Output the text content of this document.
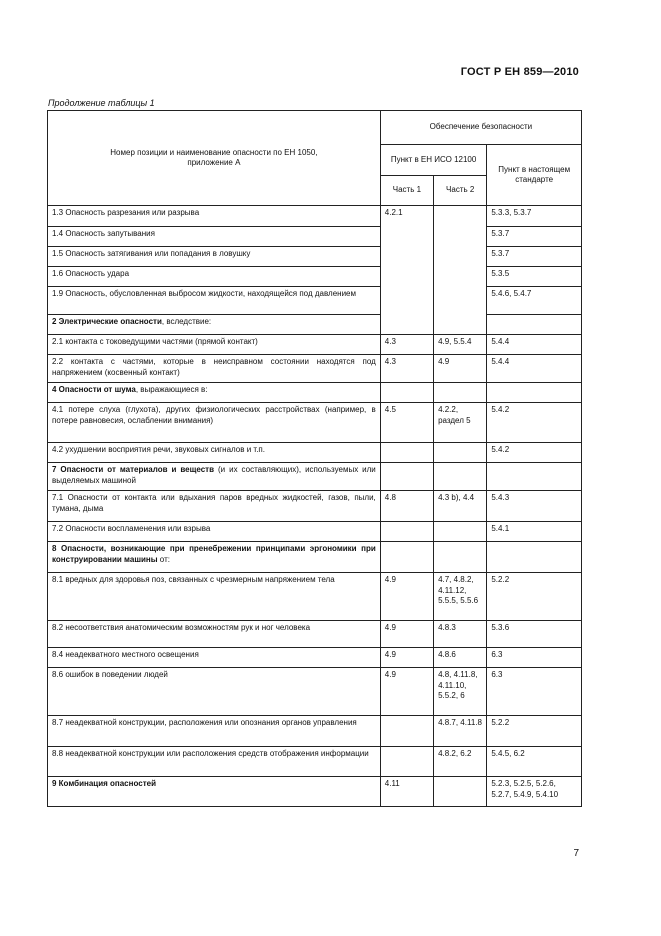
ГОСТ Р ЕН 859—2010
Продолжение таблицы 1
Номер позиции и наименование опасности по ЕН 1050, приложение А	Обеспечение безопасности		
	Пункт в ЕН ИСО 12100		Пункт в настоящем стандарте
	Часть 1	Часть 2	
1.3 Опасность разрезания или разрыва	4.2.1		5.3.3, 5.3.7
1.4 Опасность запутывания			5.3.7
1.5 Опасность затягивания или попадания в ловушку			5.3.7
1.6 Опасность удара			5.3.5
1.9 Опасность, обусловленная выбросом жидкости, находящейся под давлением			5.4.6, 5.4.7
2 Электрические опасности, вследствие:			
2.1 контакта с токоведущими частями (прямой контакт)	4.3	4.9, 5.5.4	5.4.4
2.2 контакта с частями, которые в неисправном состоянии находятся под напряжением (косвенный контакт)	4.3	4.9	5.4.4
4 Опасности от шума, выражающиеся в:			
4.1 потере слуха (глухота), других физиологических расстройствах (например, в потере равновесия, ослаблении внимания)	4.5	4.2.2, раздел 5	5.4.2
4.2 ухудшении восприятия речи, звуковых сигналов и т.п.			5.4.2
7 Опасности от материалов и веществ (и их составляющих), используемых или выделяемых машиной			
7.1 Опасности от контакта или вдыхания паров вредных жидкостей, газов, пыли, тумана, дыма	4.8	4.3 b), 4.4	5.4.3
7.2 Опасности воспламенения или взрыва			5.4.1
8 Опасности, возникающие при пренебрежении принципами эргономики при конструировании машины от:			
8.1 вредных для здоровья поз, связанных с чрезмерным напряжением тела	4.9	4.7, 4.8.2, 4.11.12, 5.5.5, 5.5.6	5.2.2
8.2 несоответствия анатомическим возможностям рук и ног человека	4.9	4.8.3	5.3.6
8.4 неадекватного местного освещения	4.9	4.8.6	6.3
8.6 ошибок в поведении людей	4.9	4.8, 4.11.8, 4.11.10, 5.5.2, 6	6.3
8.7 неадекватной конструкции, расположения или опознания органов управления		4.8.7, 4.11.8	5.2.2
8.8 неадекватной конструкции или расположения средств отображения информации		4.8.2, 6.2	5.4.5, 6.2
9 Комбинация опасностей	4.11		5.2.3, 5.2.5, 5.2.6, 5.2.7, 5.4.9, 5.4.10
7
